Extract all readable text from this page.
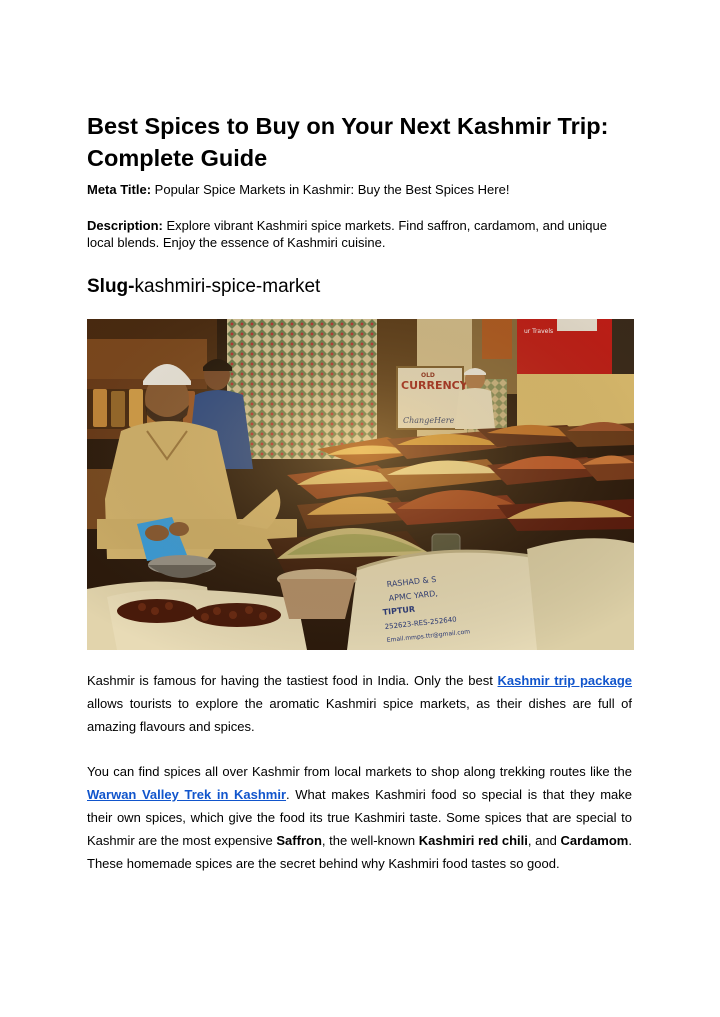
Best Spices to Buy on Your Next Kashmir Trip: Complete Guide

Meta Title: Popular Spice Markets in Kashmir: Buy the Best Spices Here!

Description: Explore vibrant Kashmiri spice markets. Find saffron, cardamom, and unique local blends. Enjoy the essence of Kashmiri cuisine.

Slug-kashmiri-spice-market

Kashmir is famous for having the tastiest food in India. Only the best Kashmir trip package allows tourists to explore the aromatic Kashmiri spice markets, as their dishes are full of amazing flavours and spices.

You can find spices all over Kashmir from local markets to shop along trekking routes like the Warwan Valley Trek in Kashmir. What makes Kashmiri food so special is that they make their own spices, which give the food its true Kashmiri taste. Some spices that are special to Kashmir are the most expensive Saffron, the well-known Kashmiri red chili, and Cardamom. These homemade spices are the secret behind why Kashmiri food tastes so good.
